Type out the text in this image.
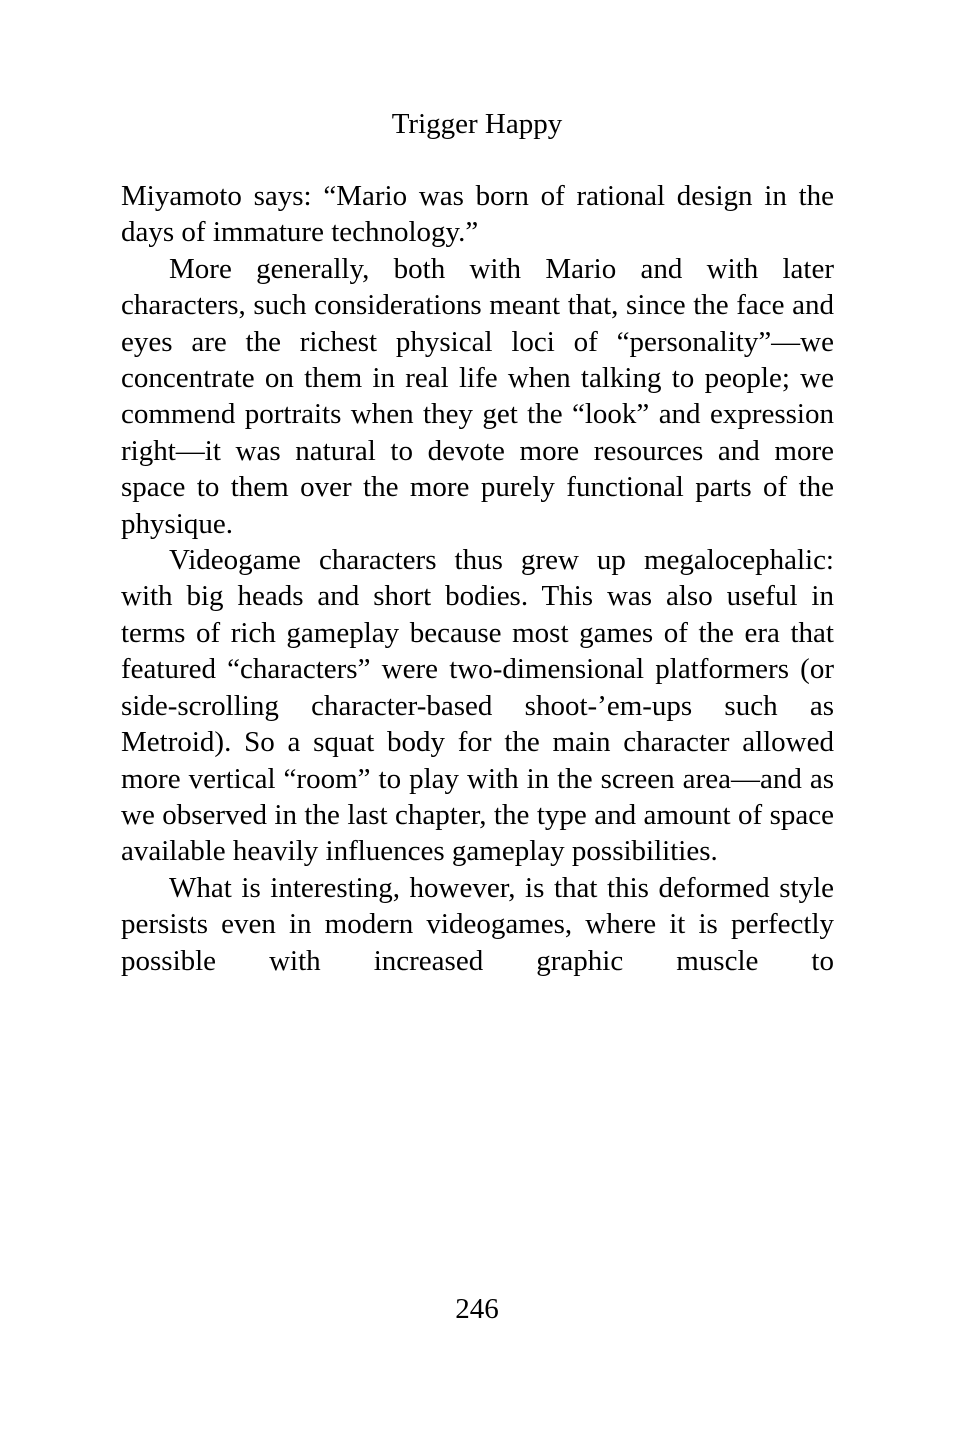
Trigger Happy

Miyamoto says: “Mario was born of rational design in the days of immature technology.”

More generally, both with Mario and with later characters, such considerations meant that, since the face and eyes are the richest physical loci of “personality”—we concentrate on them in real life when talking to people; we commend portraits when they get the “look” and expression right—it was natural to devote more resources and more space to them over the more purely functional parts of the physique.

Videogame characters thus grew up megalocephalic: with big heads and short bodies. This was also useful in terms of rich gameplay because most games of the era that featured “characters” were two-dimensional platformers (or side-scrolling character-based shoot-’em-ups such as Metroid). So a squat body for the main character allowed more vertical “room” to play with in the screen area—and as we observed in the last chapter, the type and amount of space available heavily influences gameplay possibilities.

What is interesting, however, is that this deformed style persists even in modern videogames, where it is perfectly possible with increased graphic muscle to

246
